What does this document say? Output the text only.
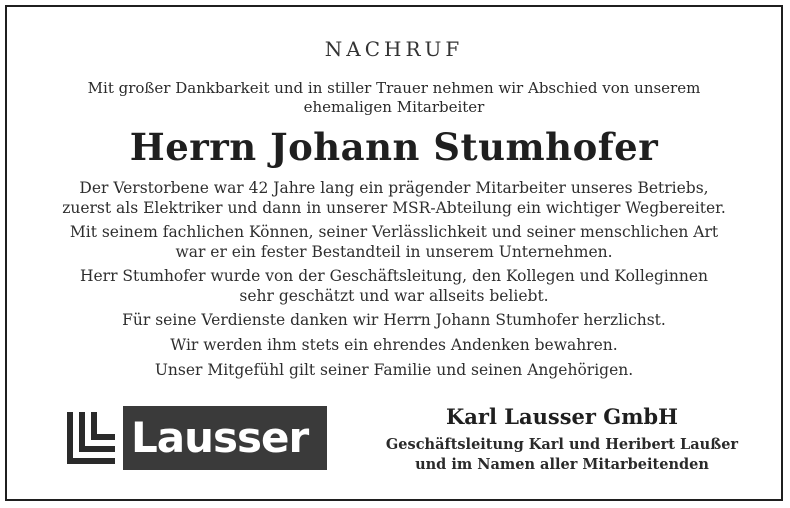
NACHRUF
Mit großer Dankbarkeit und in stiller Trauer nehmen wir Abschied von unserem
ehemaligen Mitarbeiter
Herrn Johann Stumhofer
Der Verstorbene war 42 Jahre lang ein prägender Mitarbeiter unseres Betriebs,
zuerst als Elektriker und dann in unserer MSR-Abteilung ein wichtiger Wegbereiter.
Mit seinem fachlichen Können, seiner Verlässlichkeit und seiner menschlichen Art
war er ein fester Bestandteil in unserem Unternehmen.
Herr Stumhofer wurde von der Geschäftsleitung, den Kollegen und Kolleginnen
sehr geschätzt und war allseits beliebt.
Für seine Verdienste danken wir Herrn Johann Stumhofer herzlichst.
Wir werden ihm stets ein ehrendes Andenken bewahren.
Unser Mitgefühl gilt seiner Familie und seinen Angehörigen.
Lausser	Karl Lausser GmbH
Geschäftsleitung Karl und Heribert Laußer
und im Namen aller Mitarbeitenden
